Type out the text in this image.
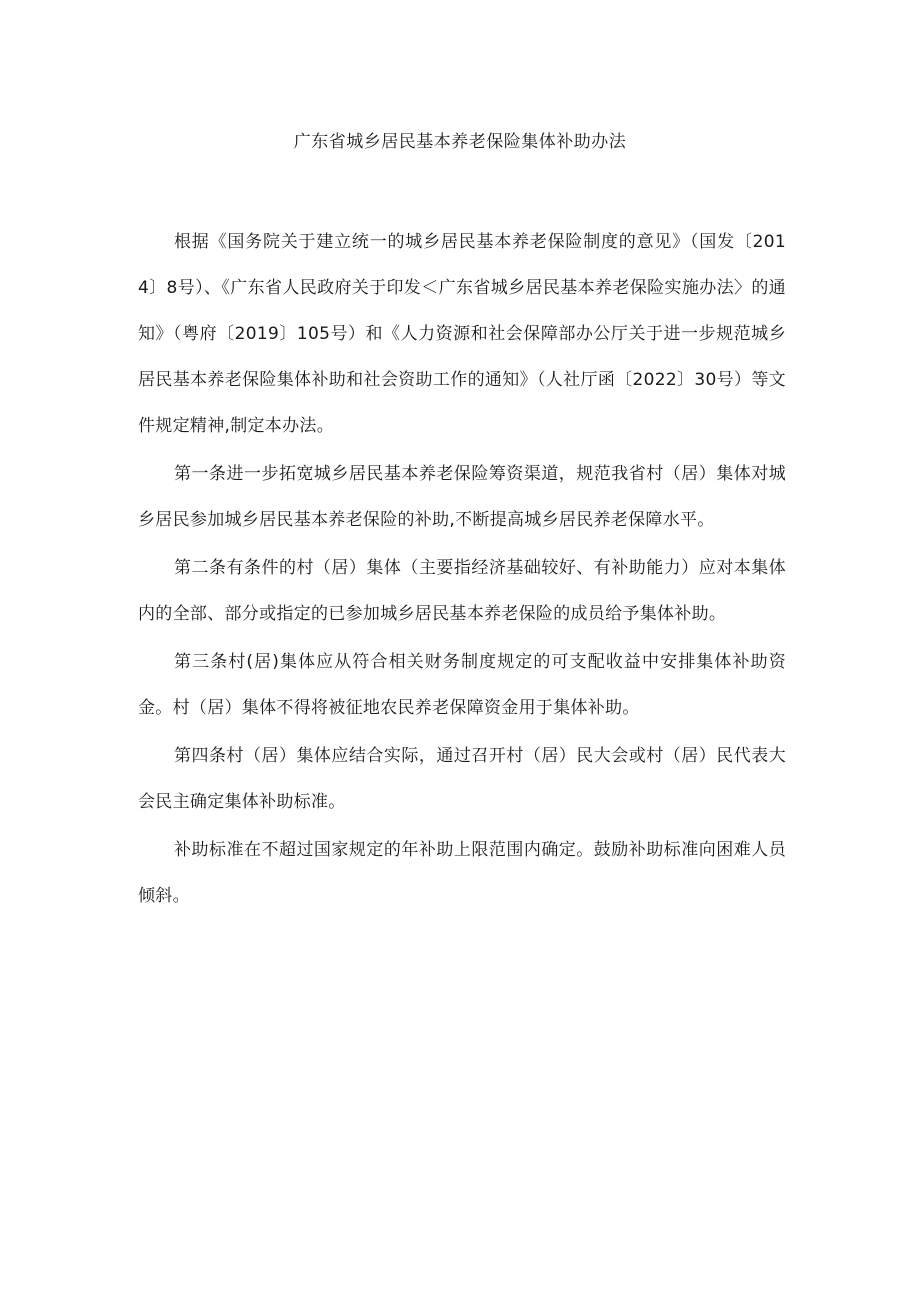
广东省城乡居民基本养老保险集体补助办法

根据《国务院关于建立统一的城乡居民基本养老保险制度的意见》（国发〔2014〕8号）、《广东省人民政府关于印发＜广东省城乡居民基本养老保险实施办法〉的通知》（粤府〔2019〕105号）和《人力资源和社会保障部办公厅关于进一步规范城乡居民基本养老保险集体补助和社会资助工作的通知》（人社厅函〔2022〕30号）等文件规定精神,制定本办法。

第一条进一步拓宽城乡居民基本养老保险筹资渠道，规范我省村（居）集体对城乡居民参加城乡居民基本养老保险的补助,不断提高城乡居民养老保障水平。

第二条有条件的村（居）集体（主要指经济基础较好、有补助能力）应对本集体内的全部、部分或指定的已参加城乡居民基本养老保险的成员给予集体补助。

第三条村(居)集体应从符合相关财务制度规定的可支配收益中安排集体补助资金。村（居）集体不得将被征地农民养老保障资金用于集体补助。

第四条村（居）集体应结合实际，通过召开村（居）民大会或村（居）民代表大会民主确定集体补助标准。

补助标准在不超过国家规定的年补助上限范围内确定。鼓励补助标准向困难人员倾斜。
